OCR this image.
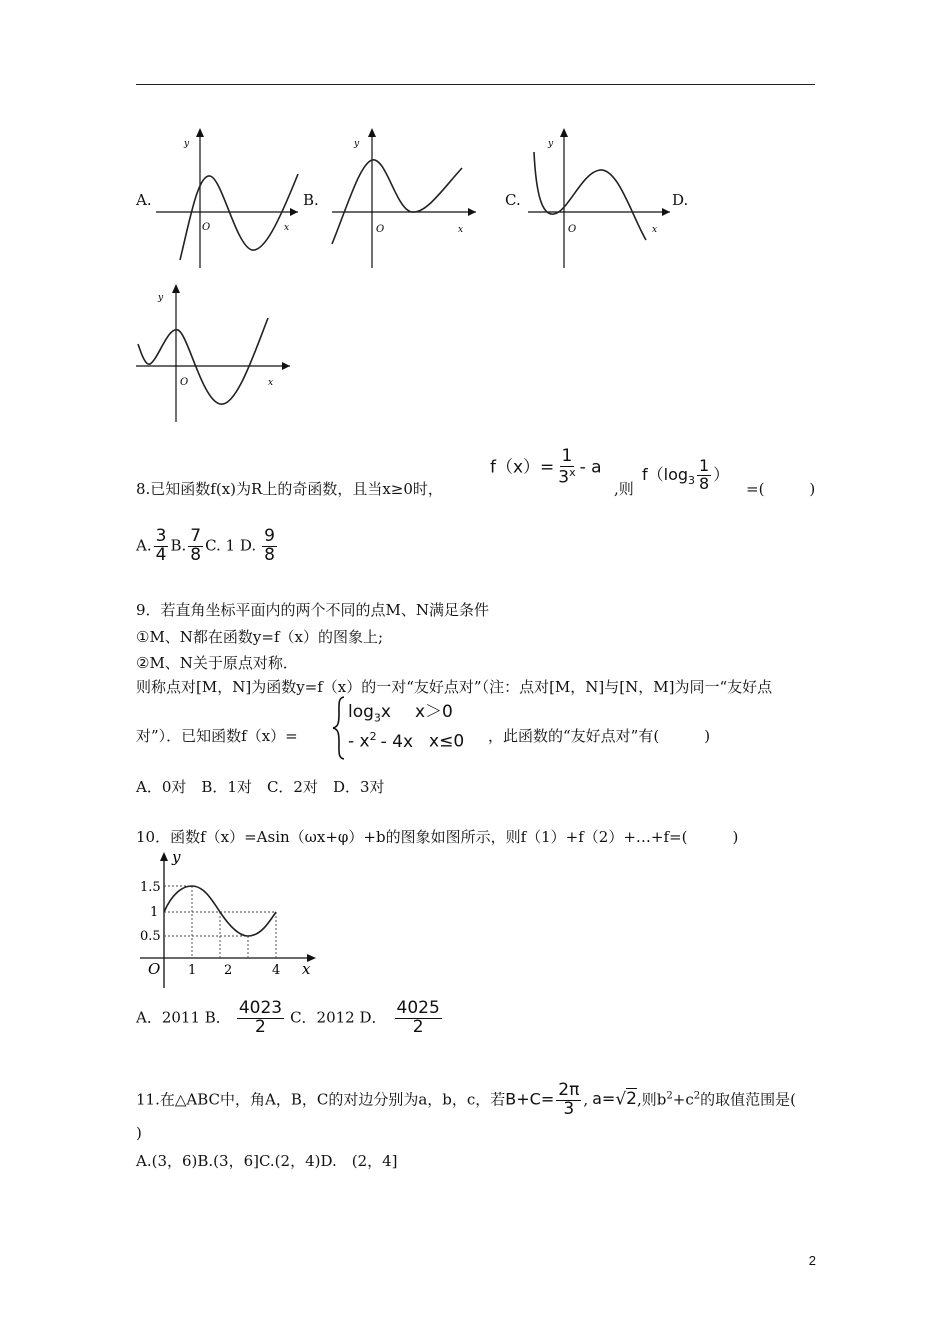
A.
y
O	x
B.
y
O	x
C.
y
O	x
D.
y
O	x
8.已知函数f(x)为R上的奇函数，且当x≥0时，
$f(x)= \frac{1}{3^x} - a$
,则
$f(\log_3 \frac{1}{8}$ ）
=(　　　)
A. $\frac{3}{4} B$. $\frac{7}{8} C$. 1 D. $\frac{9}{8}$
9．若直角坐标平面内的两个不同的点M、N满足条件
①M、N都在函数y=f（x）的图象上;
②M、N关于原点对称．
则称点对[M，N]为函数y=f（x）的一对“友好点对”（注：点对[M，N]与[N，M]为同一“友好点
对”）．已知函数f（x）=
$\log_3x$ x＞0
- $x^2 - 4x$ x≤0 ，此函数的“友好点对”有(　　　)
A．0对　B．1对　C．2对　D．3对
10．函数f（x）=Asin（ωx+φ）+b的图象如图所示，则f（1）+f（2）+…+f=(　　　)
y
x
O
1.5
1
0.5
1 2	4
A．2011 B． $\frac{4023}{2}$ C．2012 D． $\frac{4025}{2}$
11.在△ABC中，角A，B，C的对边分别为a，b，c，若$B+C= \frac{2\pi}{3}$ , a=√2,则$b^2+c^2$的取值范围是(
)
A.(3，6)B.(3，6]C.(2，4)D.　(2，4]
2
